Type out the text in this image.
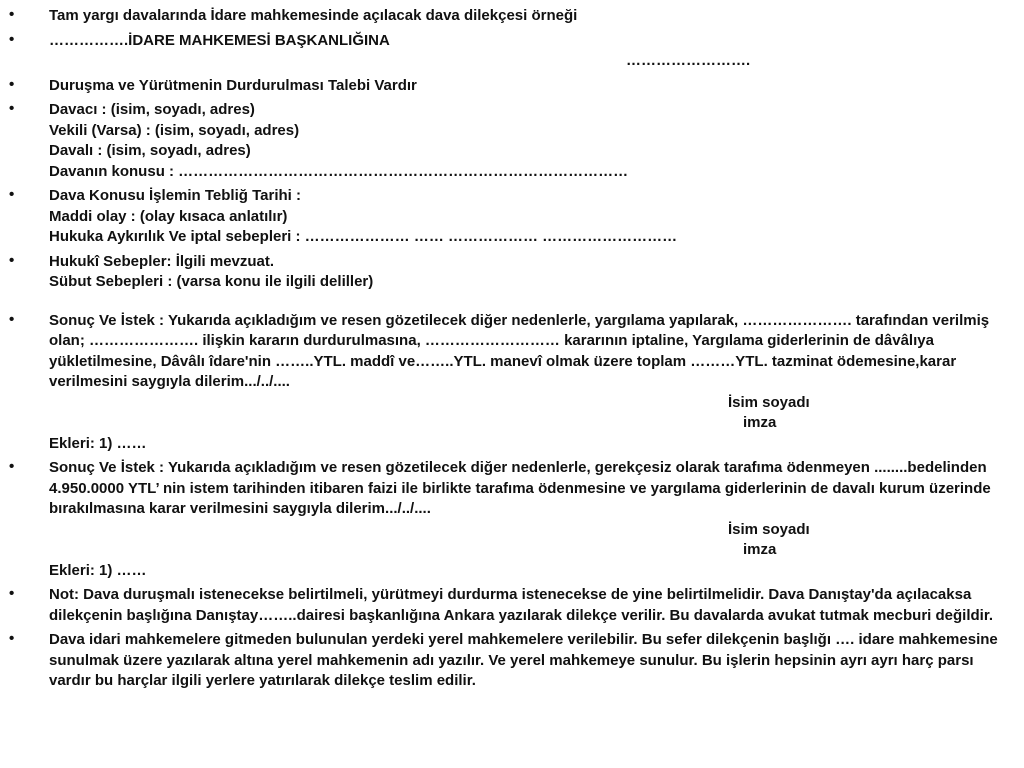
• Tam yargı davalarında İdare mahkemesinde açılacak dava dilekçesi örneği
• …………….İDARE MAHKEMESİ BAŞKANLIĞINA
…………………….
• Duruşma ve Yürütmenin Durdurulması Talebi Vardır
• Davacı : (isim, soyadı, adres)
Vekili (Varsa) : (isim, soyadı, adres)
Davalı : (isim, soyadı, adres)
Davanın konusu : ………………………………………………………………………………
• Dava Konusu İşlemin Tebliğ Tarihi :
Maddi olay : (olay kısaca anlatılır)
Hukuka Aykırılık Ve iptal sebepleri : ………………… …… ……………… ………………………
• Hukukî Sebepler: İlgili mevzuat.
Sübut Sebepleri : (varsa konu ile ilgili deliller)
• Sonuç Ve İstek : Yukarıda açıkladığım ve resen gözetilecek diğer nedenlerle, yargılama yapılarak, …………………. tarafından verilmiş olan; …………………. ilişkin kararın durdurulmasına, ……………………… kararının iptaline, Yargılama giderlerinin de dâvâlıya yükletilmesine, Dâvâlı îdare'nin ……..YTL. maddî ve……..YTL. manevî olmak üzere toplam ………YTL. tazminat ödemesine,karar verilmesini saygıyla dilerim.../../....
İsim soyadı
imza
Ekleri: 1) ……
• Sonuç Ve İstek : Yukarıda açıkladığım ve resen gözetilecek diğer nedenlerle, gerekçesiz olarak tarafıma ödenmeyen ........bedelinden 4.950.0000 YTL’ nin istem tarihinden itibaren faizi ile birlikte tarafıma ödenmesine ve yargılama giderlerinin de davalı kurum üzerinde bırakılmasına karar verilmesini saygıyla dilerim.../../....
İsim soyadı
imza
Ekleri: 1) ……
• Not: Dava duruşmalı istenecekse belirtilmeli, yürütmeyi durdurma istenecekse de yine belirtilmelidir. Dava Danıştay'da açılacaksa dilekçenin başlığına Danıştay……..dairesi başkanlığına Ankara yazılarak dilekçe verilir. Bu davalarda avukat tutmak mecburi değildir.
• Dava idari mahkemelere gitmeden bulunulan yerdeki yerel mahkemelere verilebilir. Bu sefer dilekçenin başlığı …. idare mahkemesine sunulmak üzere yazılarak altına yerel mahkemenin adı yazılır. Ve yerel mahkemeye sunulur. Bu işlerin hepsinin ayrı ayrı harç parsı vardır bu harçlar ilgili yerlere yatırılarak dilekçe teslim edilir.
